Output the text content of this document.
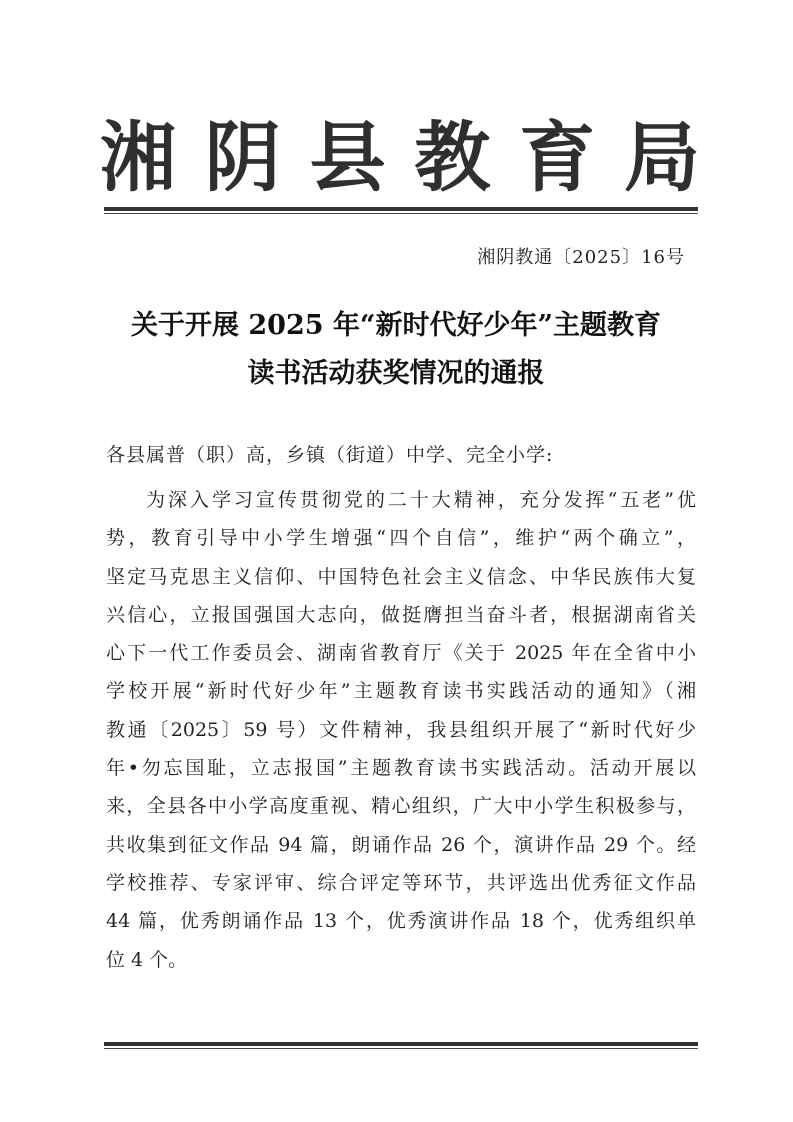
湘 阴 县 教 育 局
湘阴教通〔2025〕16号
关于开展 2025 年“新时代好少年”主题教育
读书活动获奖情况的通报
各县属普（职）高，乡镇（街道）中学、完全小学:
为深入学习宣传贯彻党的二十大精神，充分发挥“五老”优
势，教育引导中小学生增强“四个自信”，维护“两个确立”，
坚定马克思主义信仰、中国特色社会主义信念、中华民族伟大复
兴信心，立报国强国大志向，做挺膺担当奋斗者，根据湖南省关
心下一代工作委员会、湖南省教育厅《关于 2025 年在全省中小
学校开展“新时代好少年”主题教育读书实践活动的通知》（湘
教通〔2025〕59 号）文件精神，我县组织开展了“新时代好少
年•勿忘国耻，立志报国”主题教育读书实践活动。活动开展以
来，全县各中小学高度重视、精心组织，广大中小学生积极参与，
共收集到征文作品 94 篇，朗诵作品 26 个，演讲作品 29 个。经
学校推荐、专家评审、综合评定等环节，共评选出优秀征文作品
44 篇，优秀朗诵作品 13 个，优秀演讲作品 18 个，优秀组织单
位 4 个。
